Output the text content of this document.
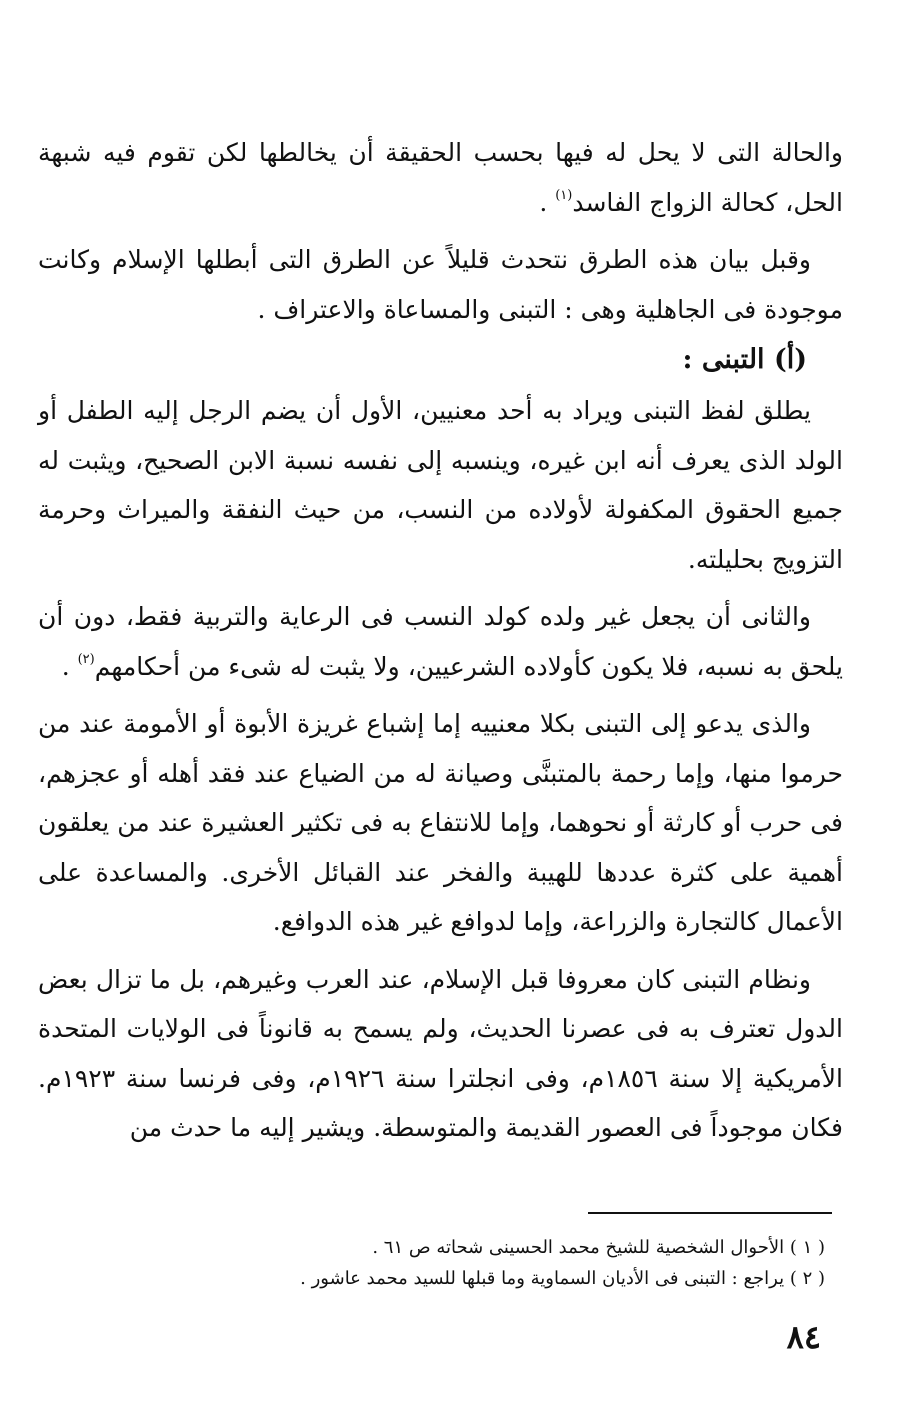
والحالة التى لا يحل له فيها بحسب الحقيقة أن يخالطها لكن تقوم فيه شبهة الحل، كحالة الزواج الفاسد$^{(١)}$ .

وقبل بيان هذه الطرق نتحدث قليلاً عن الطرق التى أبطلها الإسلام وكانت موجودة فى الجاهلية وهى : التبنى والمساعاة والاعتراف .

(أ) التبنى :

يطلق لفظ التبنى ويراد به أحد معنيين، الأول أن يضم الرجل إليه الطفل أو الولد الذى يعرف أنه ابن غيره، وينسبه إلى نفسه نسبة الابن الصحيح، ويثبت له جميع الحقوق المكفولة لأولاده من النسب، من حيث النفقة والميراث وحرمة التزويج بحليلته.

والثانى أن يجعل غير ولده كولد النسب فى الرعاية والتربية فقط، دون أن يلحق به نسبه، فلا يكون كأولاده الشرعيين، ولا يثبت له شىء من أحكامهم$^{(٢)}$ .

والذى يدعو إلى التبنى بكلا معنييه إما إشباع غريزة الأبوة أو الأمومة عند من حرموا منها، وإما رحمة بالمتبنَّى وصيانة له من الضياع عند فقد أهله أو عجزهم، فى حرب أو كارثة أو نحوهما، وإما للانتفاع به فى تكثير العشيرة عند من يعلقون أهمية على كثرة عددها للهيبة والفخر عند القبائل الأخرى. والمساعدة على الأعمال كالتجارة والزراعة، وإما لدوافع غير هذه الدوافع.

ونظام التبنى كان معروفا قبل الإسلام، عند العرب وغيرهم، بل ما تزال بعض الدول تعترف به فى عصرنا الحديث، ولم يسمح به قانوناً فى الولايات المتحدة الأمريكية إلا سنة ١٨٥٦م، وفى انجلترا سنة ١٩٢٦م، وفى فرنسا سنة ١٩٢٣م. فكان موجوداً فى العصور القديمة والمتوسطة. ويشير إليه ما حدث من

( ١ ) الأحوال الشخصية للشيخ محمد الحسينى شحاته ص ٦١ .

( ٢ ) يراجع : التبنى فى الأديان السماوية وما قبلها للسيد محمد عاشور .

٨٤
